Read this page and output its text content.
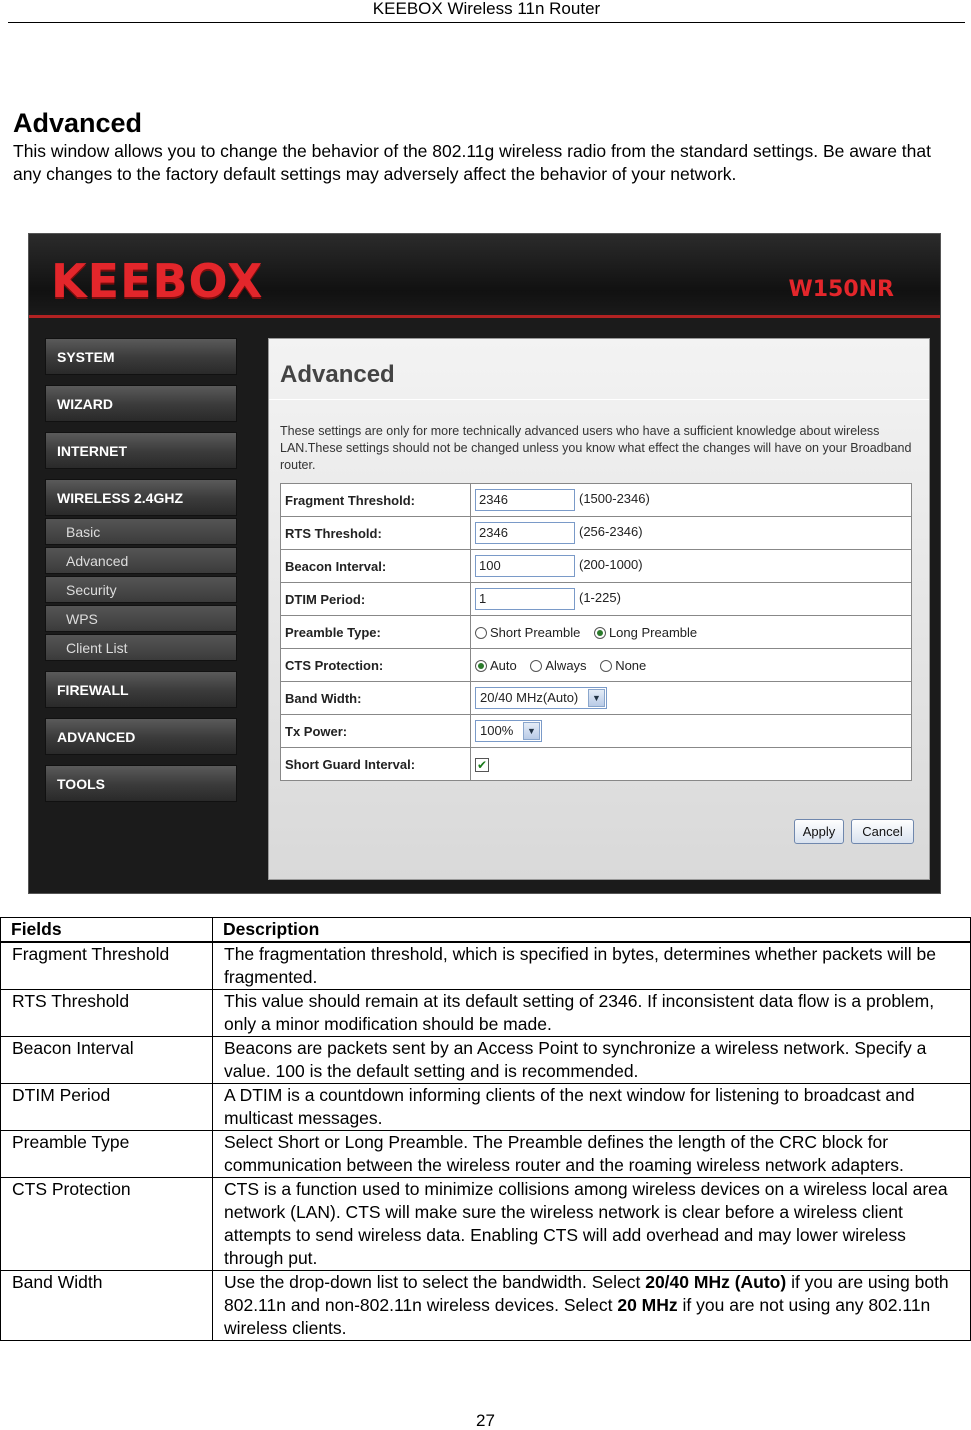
KEEBOX Wireless 11n Router
Advanced
This window allows you to change the behavior of the 802.11g wireless radio from the standard settings. Be aware that any changes to the factory default settings may adversely affect the behavior of your network.
KEEBOX	W150NR
SYSTEM
WIZARD
INTERNET
WIRELESS 2.4GHZ
Basic
Advanced
Security
WPS
Client List
FIREWALL
ADVANCED
TOOLS
Advanced
These settings are only for more technically advanced users who have a sufficient knowledge about wireless LAN.These settings should not be changed unless you know what effect the changes will have on your Broadband router.
Fragment Threshold:	2346 (1500-2346)
RTS Threshold:	2346 (256-2346)
Beacon Interval:	100 (200-1000)
DTIM Period:	1 (1-225)
Preamble Type:	Short Preamble Long Preamble
CTS Protection:	Auto Always None
Band Width:	20/40 MHz(Auto) ▼

Tx Power:	100% ▼

Short Guard Interval:	✔
Apply	Cancel
Fields	Description
Fragment Threshold	The fragmentation threshold, which is specified in bytes, determines whether packets will be fragmented.
RTS Threshold	This value should remain at its default setting of 2346. If inconsistent data flow is a problem, only a minor modification should be made.
Beacon Interval	Beacons are packets sent by an Access Point to synchronize a wireless network. Specify a value. 100 is the default setting and is recommended.
DTIM Period	A DTIM is a countdown informing clients of the next window for listening to broadcast and multicast messages.
Preamble Type	Select Short or Long Preamble. The Preamble defines the length of the CRC block for communication between the wireless router and the roaming wireless network adapters.
CTS Protection	CTS is a function used to minimize collisions among wireless devices on a wireless local area network (LAN). CTS will make sure the wireless network is clear before a wireless client attempts to send wireless data. Enabling CTS will add overhead and may lower wireless through put.
Band Width	Use the drop-down list to select the bandwidth. Select 20/40 MHz (Auto) if you are using both 802.11n and non-802.11n wireless devices. Select 20 MHz if you are not using any 802.11n wireless clients.
27
